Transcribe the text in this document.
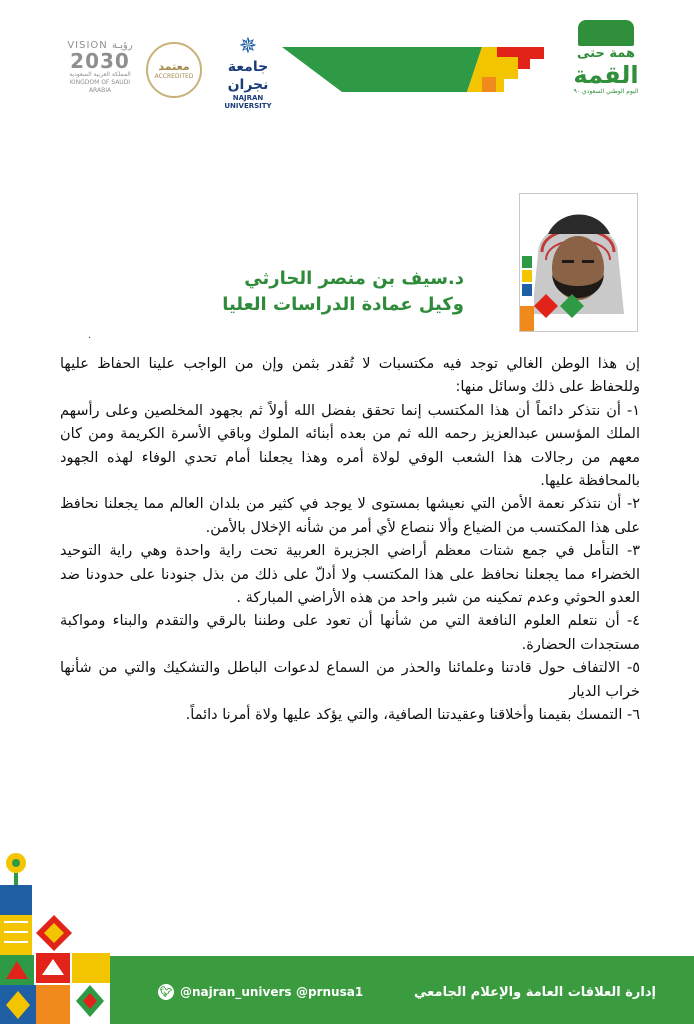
VISION رؤيـة
2030
المملكة العربية السعودية
KINGDOM OF SAUDI ARABIA
معتمد
ACCREDITED
✵
جامعة نجران
NAJRAN UNIVERSITY
همة حتى
القمة
اليوم الوطني السعودي ٩٠
د.سيف بن منصر الحارثي
وكيل عمادة الدراسات العليا
.

إن هذا الوطن الغالي توجد فيه مكتسبات لا تُقدر بثمن وإن من الواجب علينا الحفاظ عليها وللحفاظ على ذلك وسائل منها:

١- أن نتذكر دائماً أن هذا المكتسب إنما تحقق بفضل الله أولاً ثم بجهود المخلصين وعلى رأسهم الملك المؤسس عبدالعزيز رحمه الله ثم من بعده أبنائه الملوك وباقي الأسرة الكريمة ومن كان معهم من رجالات هذا الشعب الوفي لولاة أمره وهذا يجعلنا أمام تحدي الوفاء لهذه الجهود بالمحافظة عليها.

٢- أن نتذكر نعمة الأمن التي نعيشها بمستوى لا يوجد في كثير من بلدان العالم مما يجعلنا نحافظ على هذا المكتسب من الضياع وألا ننصاع لأي أمر من شأنه الإخلال بالأمن.

٣- التأمل في جمع شتات معظم أراضي الجزيرة العربية تحت راية واحدة وهي راية التوحيد الخضراء مما يجعلنا نحافظ على هذا المكتسب ولا أدلّ على ذلك من بذل جنودنا على حدودنا ضد العدو الحوثي وعدم تمكينه من شبر واحد من هذه الأراضي المباركة .

٤- أن نتعلم العلوم النافعة التي من شأنها أن تعود على وطننا بالرقي والتقدم والبناء ومواكبة مستجدات الحضارة.

٥- الالتفاف حول قادتنا وعلمائنا والحذر من السماع لدعوات الباطل والتشكيك والتي من شأنها خراب الديار

٦- التمسك بقيمنا وأخلاقنا وعقيدتنا الصافية، والتي يؤكد عليها ولاة أمرنا دائماً.

🐦︎ @najran_univers @prnusa1	إدارة العلاقات العامة والإعلام الجامعي
